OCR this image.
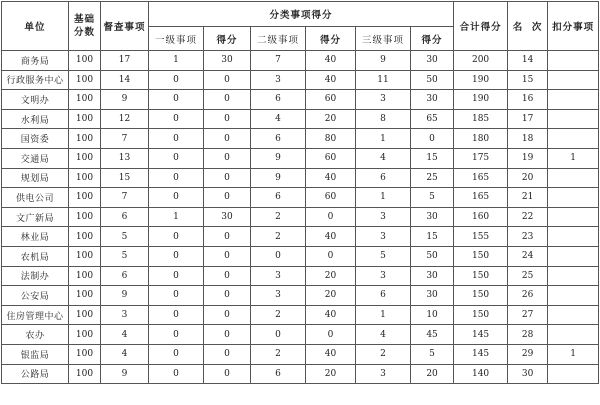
单位	基础
分数	督查事项	分类事项得分						合计得分	名  次	扣分事项
			一级事项	得分	二级事项	得分	三级事项	得分			
商务局	100	17	1	30	7	40	9	30	200	14	
行政服务中心	100	14	0	0	3	40	11	50	190	15	
文明办	100	9	0	0	6	60	3	30	190	16	
水利局	100	12	0	0	4	20	8	65	185	17	
国资委	100	7	0	0	6	80	1	0	180	18	
交通局	100	13	0	0	9	60	4	15	175	19	1
规划局	100	15	0	0	9	40	6	25	165	20	
供电公司	100	7	0	0	6	60	1	5	165	21	
文广新局	100	6	1	30	2	0	3	30	160	22	
林业局	100	5	0	0	2	40	3	15	155	23	
农机局	100	5	0	0	0	0	5	50	150	24	
法制办	100	6	0	0	3	20	3	30	150	25	
公安局	100	9	0	0	3	20	6	30	150	26	
住房管理中心	100	3	0	0	2	40	1	10	150	27	
农办	100	4	0	0	0	0	4	45	145	28	
银监局	100	4	0	0	2	40	2	5	145	29	1
公路局	100	9	0	0	6	20	3	20	140	30	
